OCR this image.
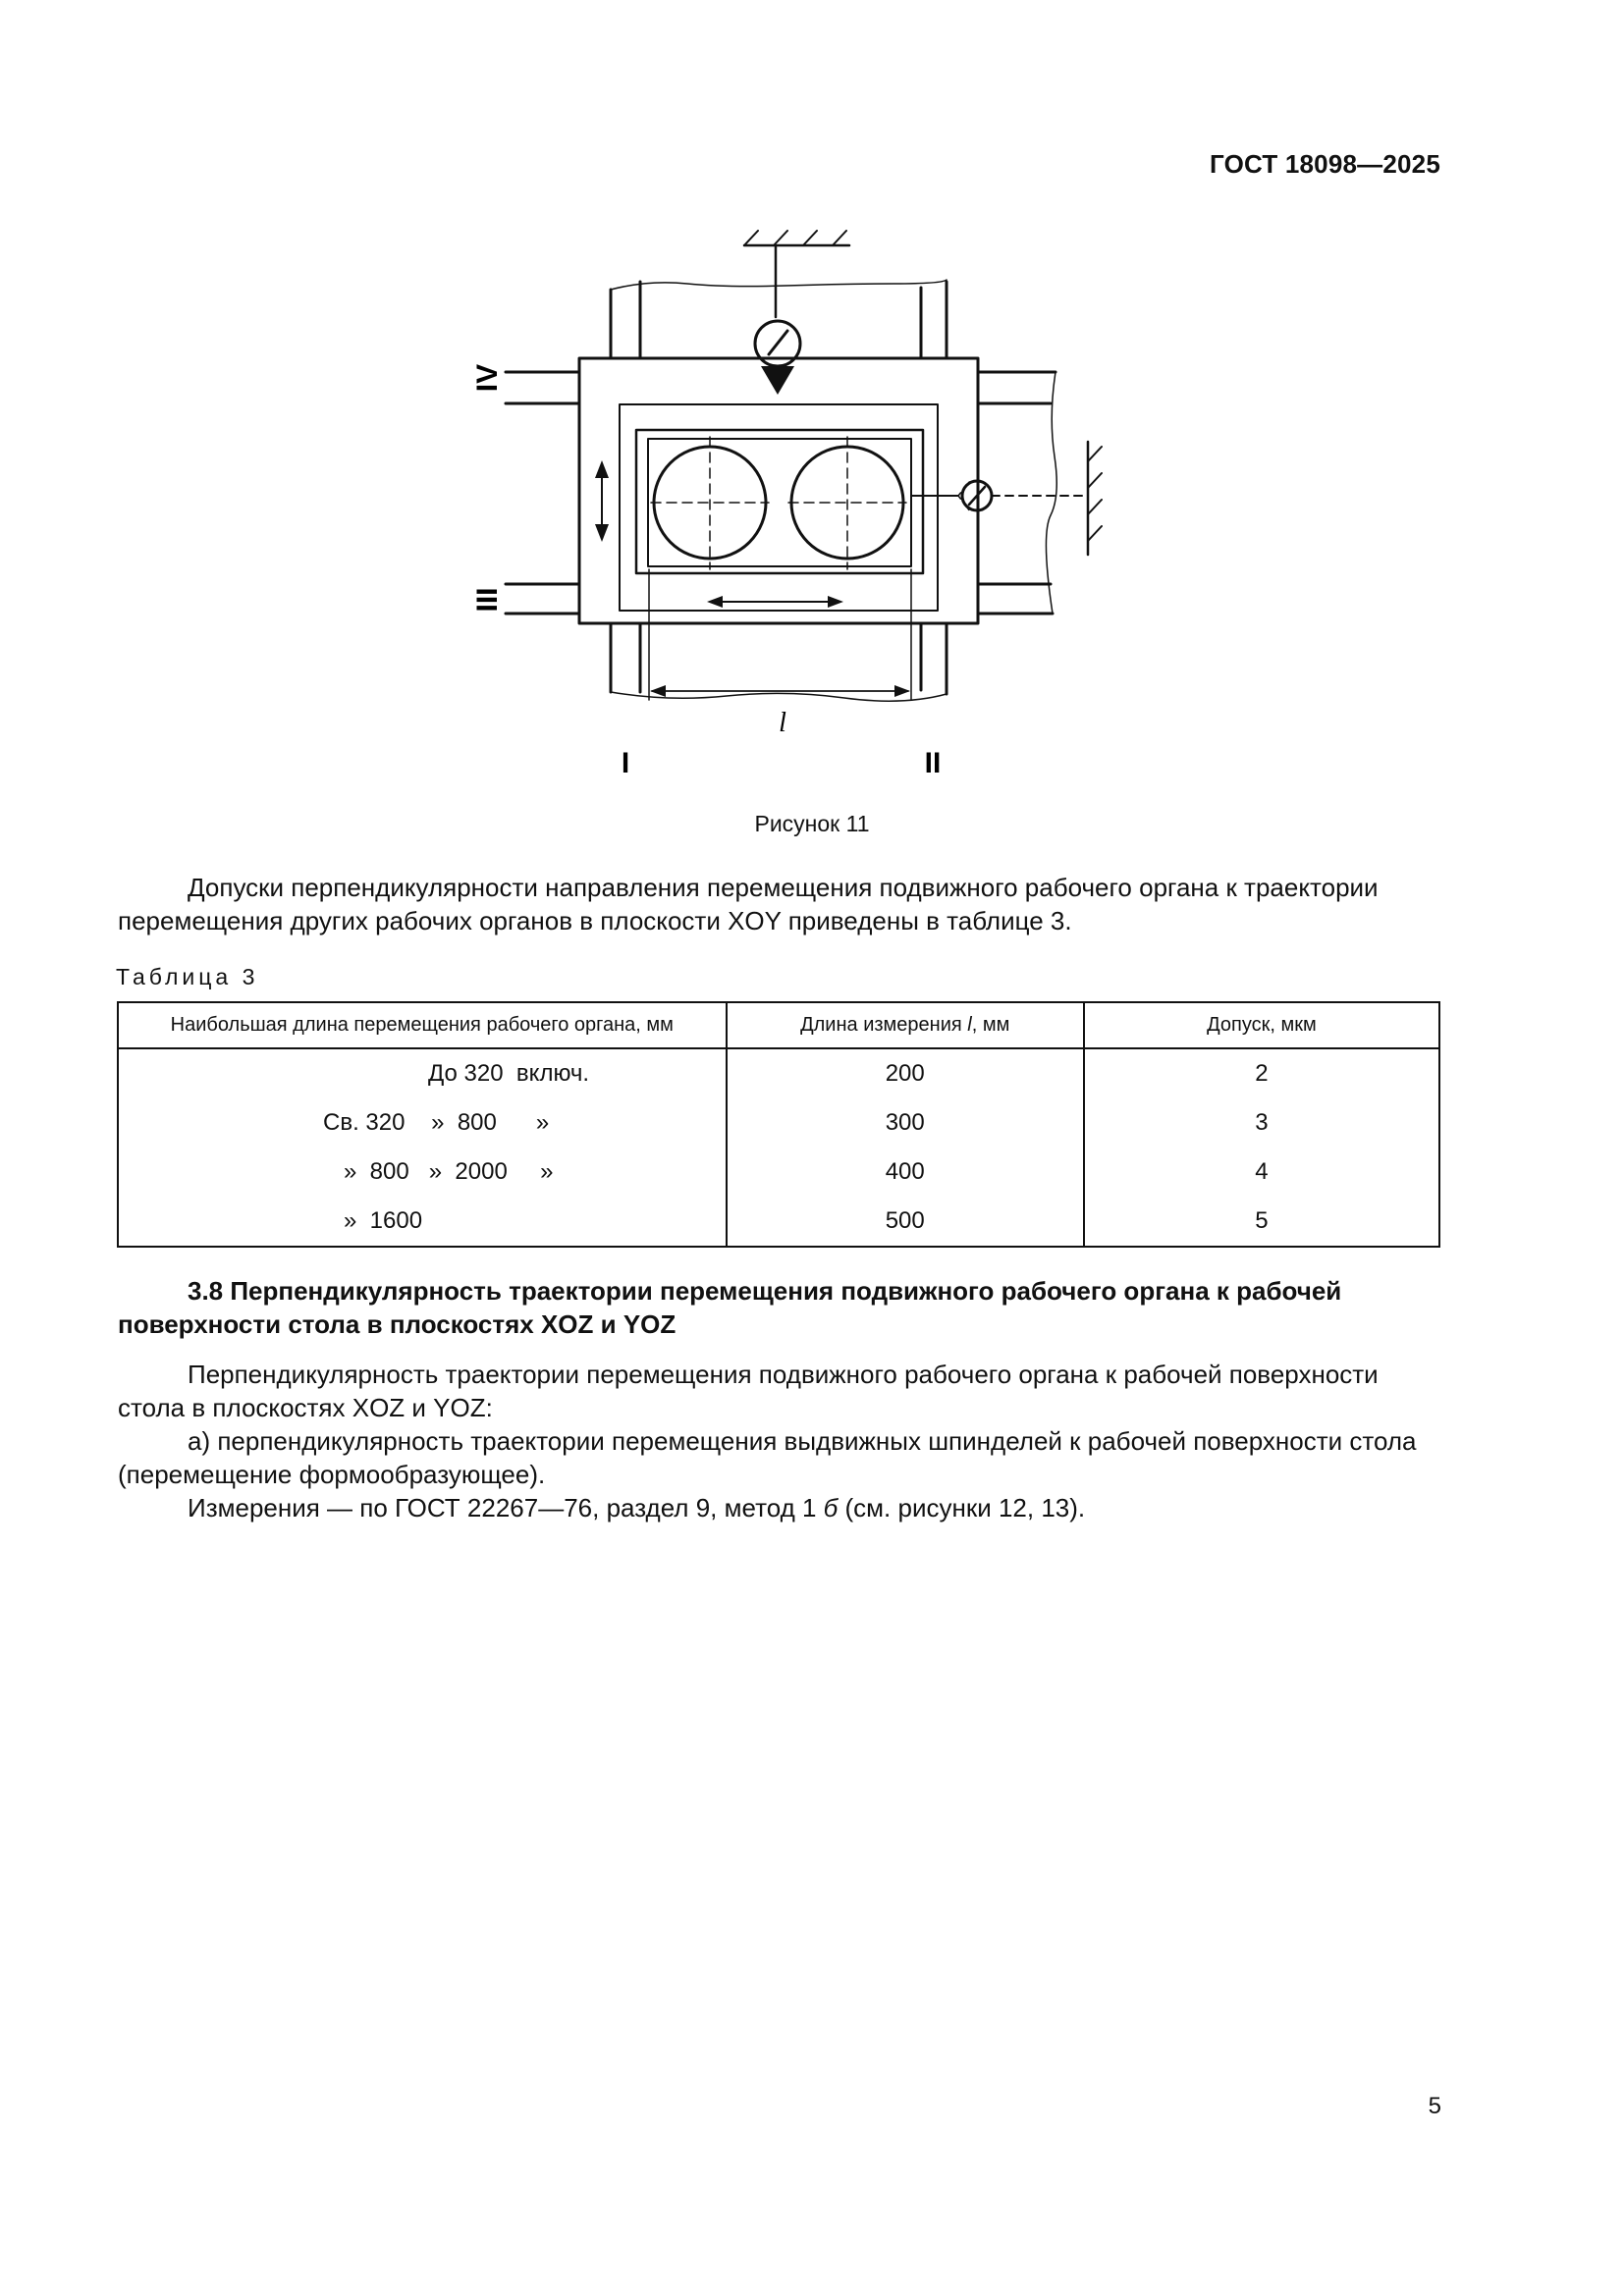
ГОСТ 18098—2025
IV
III
I	II
l
Рисунок 11
Допуски перпендикулярности направления перемещения подвижного рабочего органа к траектории перемещения других рабочих органов в плоскости XOY приведены в таблице 3.
Таблица 3
Наибольшая длина перемещения рабочего органа, мм	Длина измерения l, мм	Допуск, мкм
До 320  включ.	200	2
Св. 320    »  800      »	300	3
»  800   »  2000     »	400	4
»  1600	500	5
3.8 Перпендикулярность траектории перемещения подвижного рабочего органа к рабочей поверхности стола в плоскостях XOZ и YOZ
Перпендикулярность траектории перемещения подвижного рабочего органа к рабочей поверхности стола в плоскостях XOZ и YOZ:
а) перпендикулярность траектории перемещения выдвижных шпинделей к рабочей поверхности стола (перемещение формообразующее).
Измерения — по ГОСТ 22267—76, раздел 9, метод 1 б (см. рисунки 12, 13).
5
